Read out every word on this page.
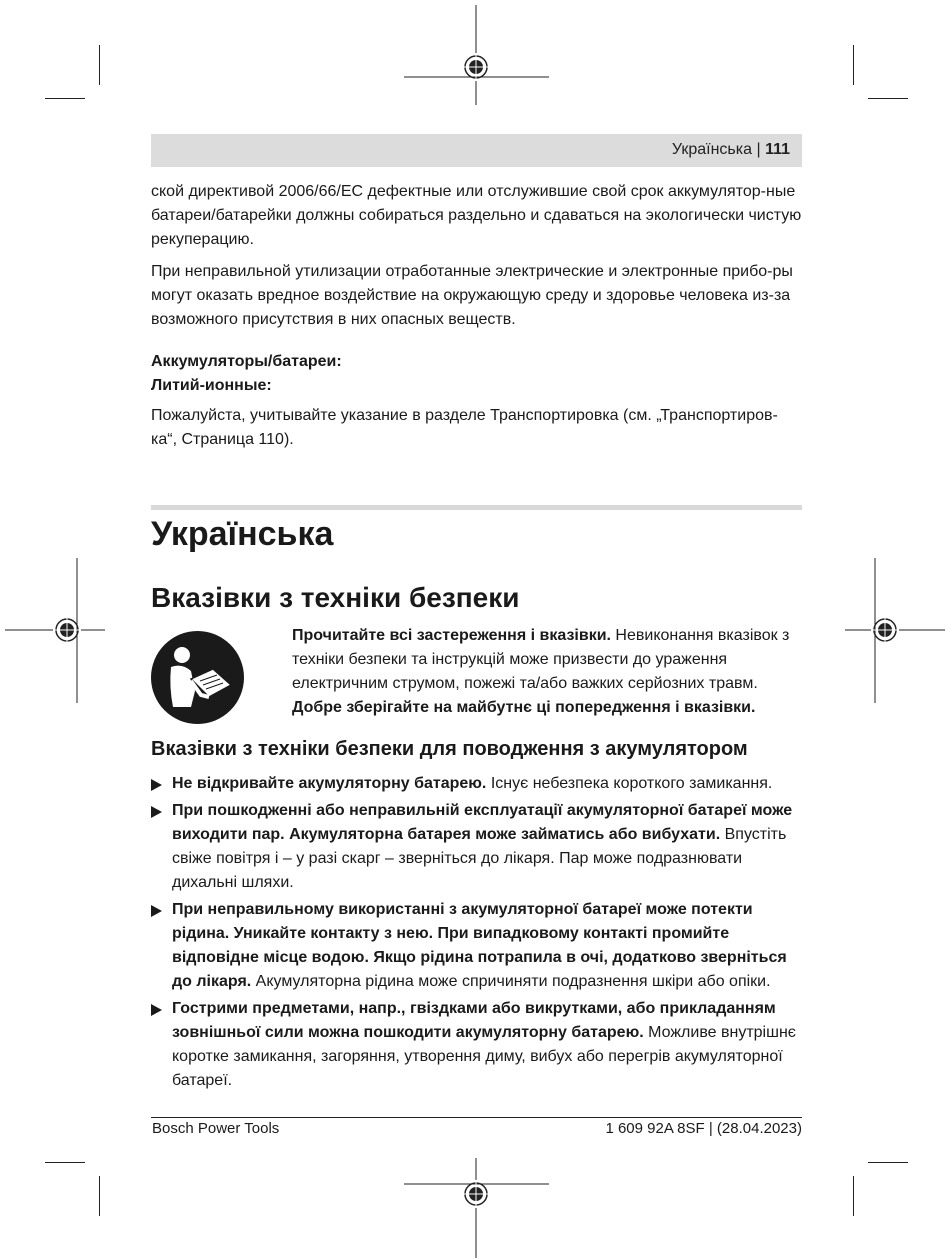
Українська | 111

ской директивой 2006/66/ЕС дефектные или отслужившие свой срок аккумулятор-ные батареи/батарейки должны собираться раздельно и сдаваться на экологически чистую рекуперацию.

При неправильной утилизации отработанные электрические и электронные прибо-ры могут оказать вредное воздействие на окружающую среду и здоровье человека из-за возможного присутствия в них опасных веществ.

Аккумуляторы/батареи:

Литий-ионные:

Пожалуйста, учитывайте указание в разделе Транспортировка (см. „Транспортиров-ка“, Страница 110).

Українська
Вказівки з техніки безпеки
Прочитайте всі застереження і вказівки. Невиконання вказівок з техніки безпеки та інструкцій може призвести до ураження електричним струмом, пожежі та/або важких серйозних травм.
Добре зберігайте на майбутнє ці попередження і вказівки.
Вказівки з техніки безпеки для поводження з акумулятором
Не відкривайте акумуляторну батарею. Існує небезпека короткого замикання.
При пошкодженні або неправильній експлуатації акумуляторної батареї може виходити пар. Акумуляторна батарея може займатись або вибухати. Впустіть свіже повітря і – у разі скарг – зверніться до лікаря. Пар може подразнювати дихальні шляхи.
При неправильному використанні з акумуляторної батареї може потекти рідина. Уникайте контакту з нею. При випадковому контакті промийте відповідне місце водою. Якщо рідина потрапила в очі, додатково зверніться до лікаря. Акумуляторна рідина може спричиняти подразнення шкіри або опіки.
Гострими предметами, напр., гвіздками або викрутками, або прикладанням зовнішньої сили можна пошкодити акумуляторну батарею. Можливе внутрішнє коротке замикання, загоряння, утворення диму, вибух або перегрів акумуляторної батареї.
Bosch Power Tools	1 609 92A 8SF | (28.04.2023)
